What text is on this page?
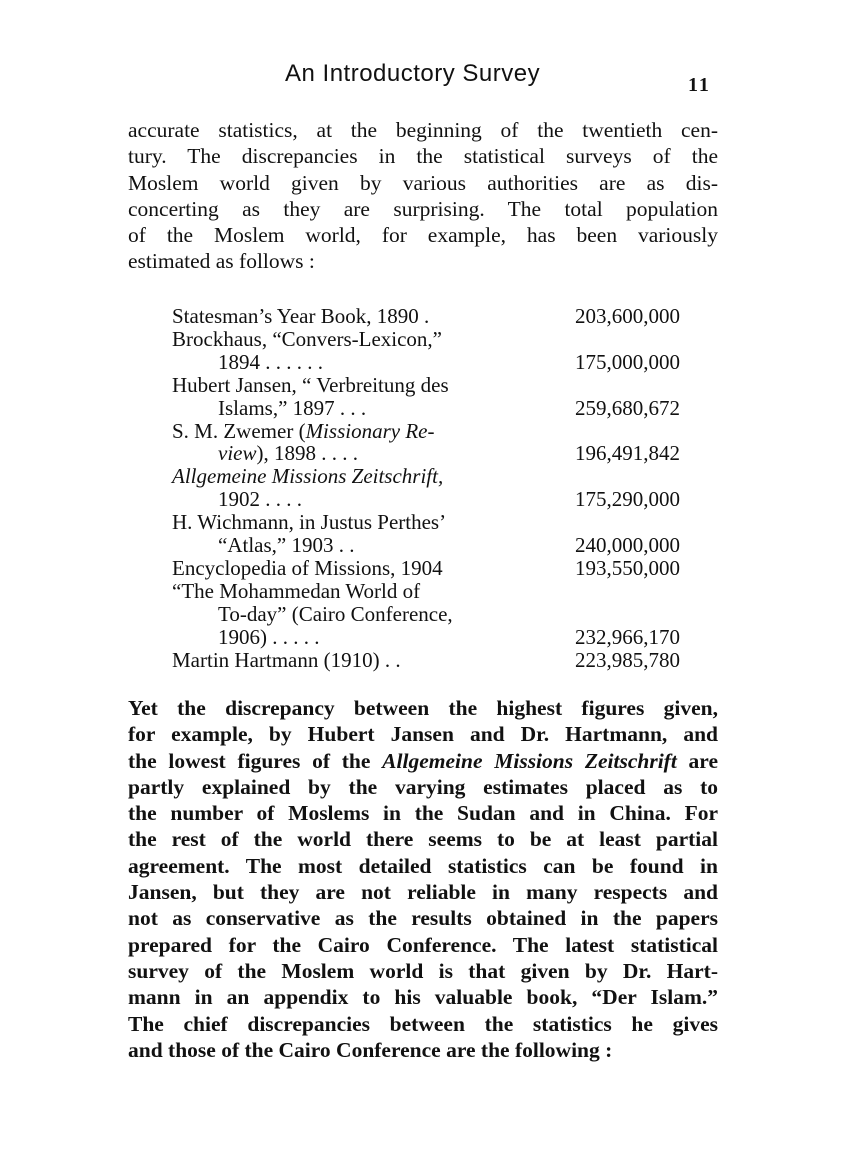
An Introductory Survey	11
accurate statistics, at the beginning of the twentieth cen-
tury. The discrepancies in the statistical surveys of the
Moslem world given by various authorities are as dis-
concerting as they are surprising. The total population
of the Moslem world, for example, has been variously
estimated as follows :
Statesman’s Year Book, 1890 .	203,600,000
Brockhaus, “Convers-Lexicon,”
1894 . . . . . .	175,000,000
Hubert Jansen, “ Verbreitung des
Islams,” 1897 . . .	259,680,672
S. M. Zwemer (Missionary Re-
view), 1898 . . . .	196,491,842
Allgemeine Missions Zeitschrift,
1902 . . . .	175,290,000
H. Wichmann, in Justus Perthes’
“Atlas,” 1903 . .	240,000,000
Encyclopedia of Missions, 1904	193,550,000
“The Mohammedan World of
To-day” (Cairo Conference,
1906) . . . . .	232,966,170
Martin Hartmann (1910) . .	223,985,780
Yet the discrepancy between the highest figures given,
for example, by Hubert Jansen and Dr. Hartmann, and
the lowest figures of the Allgemeine Missions Zeitschrift are
partly explained by the varying estimates placed as to
the number of Moslems in the Sudan and in China. For
the rest of the world there seems to be at least partial
agreement. The most detailed statistics can be found in
Jansen, but they are not reliable in many respects and
not as conservative as the results obtained in the papers
prepared for the Cairo Conference. The latest statistical
survey of the Moslem world is that given by Dr. Hart-
mann in an appendix to his valuable book, “Der Islam.”
The chief discrepancies between the statistics he gives
and those of the Cairo Conference are the following :
